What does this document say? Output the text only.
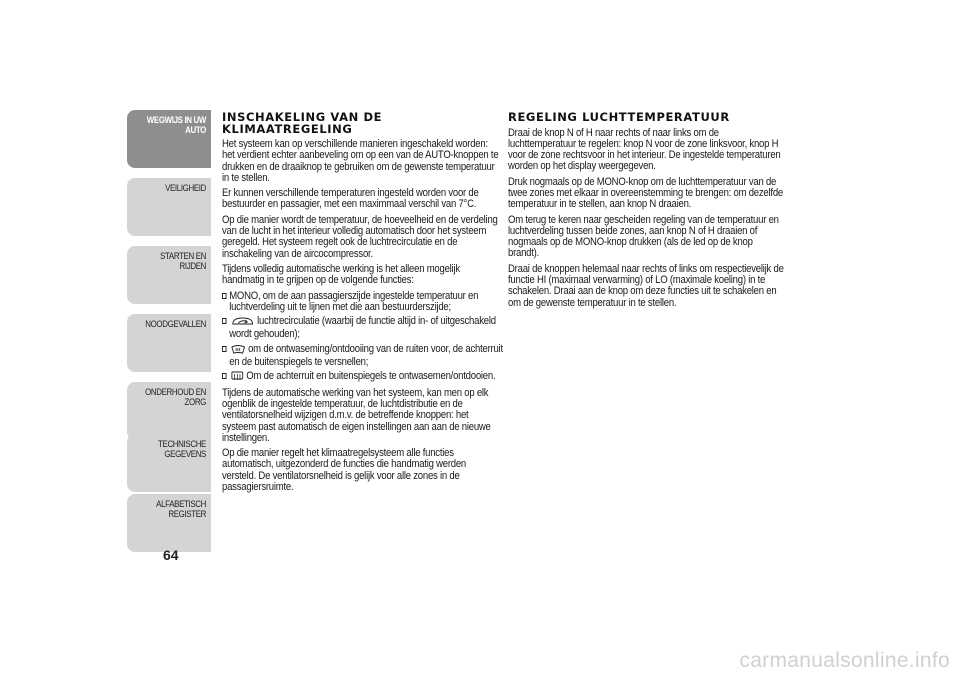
WEGWIJS IN UW AUTO
VEILIGHEID
STARTEN EN RIJDEN
NOODGEVALLEN
ONDERHOUD EN ZORG
TECHNISCHE GEGEVENS
ALFABETISCH REGISTER
64
INSCHAKELING VAN DE KLIMAATREGELING

Het systeem kan op verschillende manieren ingeschakeld worden: het verdient echter aanbeveling om op een van de AUTO-knoppen te drukken en de draaiknop te gebruiken om de gewenste temperatuur in te stellen.

Er kunnen verschillende temperaturen ingesteld worden voor de bestuurder en passagier, met een maximmaal verschil van 7°C.

Op die manier wordt de temperatuur, de hoeveelheid en de verdeling van de lucht in het interieur volledig automatisch door het systeem geregeld. Het systeem regelt ook de luchtrecirculatie en de inschakeling van de aircocompressor.

Tijdens volledig automatische werking is het alleen mogelijk handmatig in te grijpen op de volgende functies:

MONO, om de aan passagierszijde ingestelde temperatuur en luchtverdeling uit te lijnen met die aan bestuurderszijde;
luchtrecirculatie (waarbij de functie altijd in- of uitgeschakeld wordt gehouden);
om de ontwaseming/ontdooiing van de ruiten voor, de achterruit en de buitenspiegels te versnellen;
Om de achterruit en buitenspiegels te ontwasemen/ontdooien.

Tijdens de automatische werking van het systeem, kan men op elk ogenblik de ingestelde temperatuur, de luchtdistributie en de ventilatorsnelheid wijzigen d.m.v. de betreffende knoppen: het systeem past automatisch de eigen instellingen aan aan de nieuwe instellingen.

Op die manier regelt het klimaatregelsysteem alle functies automatisch, uitgezonderd de functies die handmatig werden versteld. De ventilatorsnelheid is gelijk voor alle zones in de passagiersruimte.

REGELING LUCHTTEMPERATUUR

Draai de knop N of H naar rechts of naar links om de luchttemperatuur te regelen: knop N voor de zone linksvoor, knop H voor de zone rechtsvoor in het interieur. De ingestelde temperaturen worden op het display weergegeven.

Druk nogmaals op de MONO-knop om de luchttemperatuur van de twee zones met elkaar in overeenstemming te brengen: om dezelfde temperatuur in te stellen, aan knop N draaien.

Om terug te keren naar gescheiden regeling van de temperatuur en luchtverdeling tussen beide zones, aan knop N of H draaien of nogmaals op de MONO-knop drukken (als de led op de knop brandt).

Draai de knoppen helemaal naar rechts of links om respectievelijk de functie HI (maximaal verwarming) of LO (maximale koeling) in te schakelen. Draai aan de knop om deze functies uit te schakelen en om de gewenste temperatuur in te stellen.

carmanualsonline.info
